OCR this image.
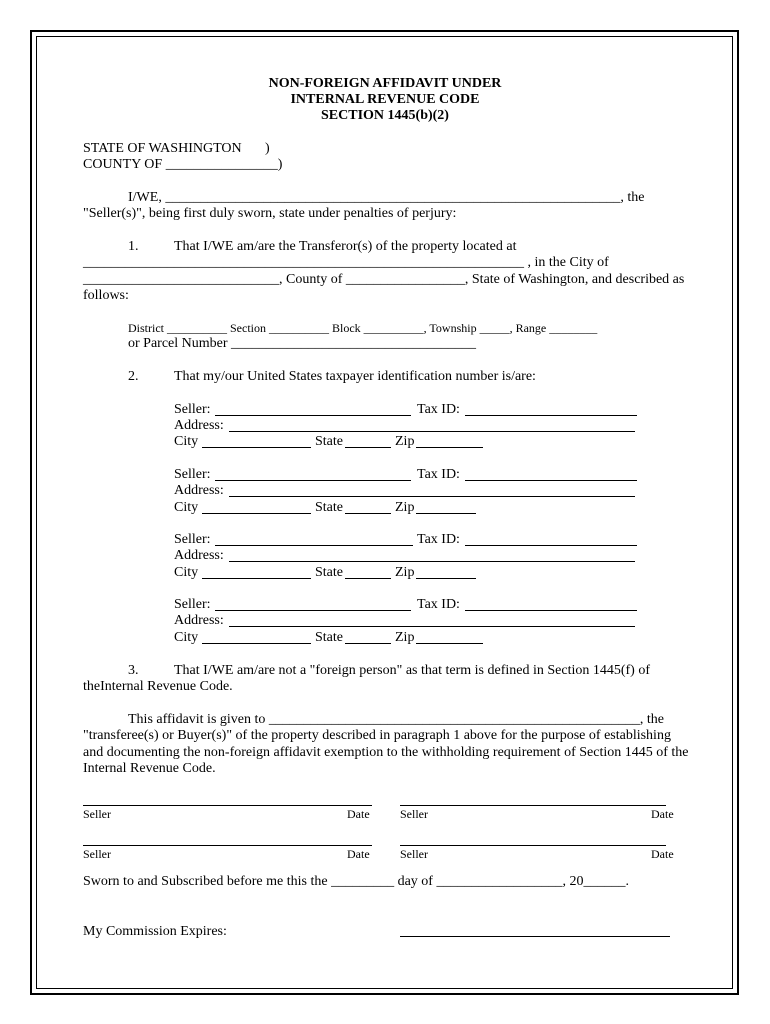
NON-FOREIGN AFFIDAVIT UNDER
INTERNAL REVENUE CODE
SECTION 1445(b)(2)
STATE OF WASHINGTON )
COUNTY OF ________________)
I/WE, _________________________________________________________________, the
"Seller(s)", being first duly sworn, state under penalties of perjury:
1.	That I/WE am/are the Transferor(s) of the property located at
_______________________________________________________________ , in the City of
____________________________, County of _________________, State of Washington, and described as
follows:
District __________ Section __________ Block __________, Township _____, Range ________
or Parcel Number ___________________________________
2.	That my/our United States taxpayer identification number is/are:
Seller:	Tax ID:
Address:
City	State	Zip
Seller:	Tax ID:
Address:
City	State	Zip
Seller:	Tax ID:
Address:
City	State	Zip
Seller:	Tax ID:
Address:
City	State	Zip
3.	That I/WE am/are not a "foreign person" as that term is defined in Section 1445(f) of
theInternal Revenue Code.
This affidavit is given to _____________________________________________________, the
"transferee(s) or Buyer(s)" of the property described in paragraph 1 above for the purpose of establishing
and documenting the non-foreign affidavit exemption to the withholding requirement of Section 1445 of the
Internal Revenue Code.
Seller	Date	Seller	Date
Seller	Date	Seller	Date
Sworn to and Subscribed before me this the _________ day of __________________, 20______.
My Commission Expires:
